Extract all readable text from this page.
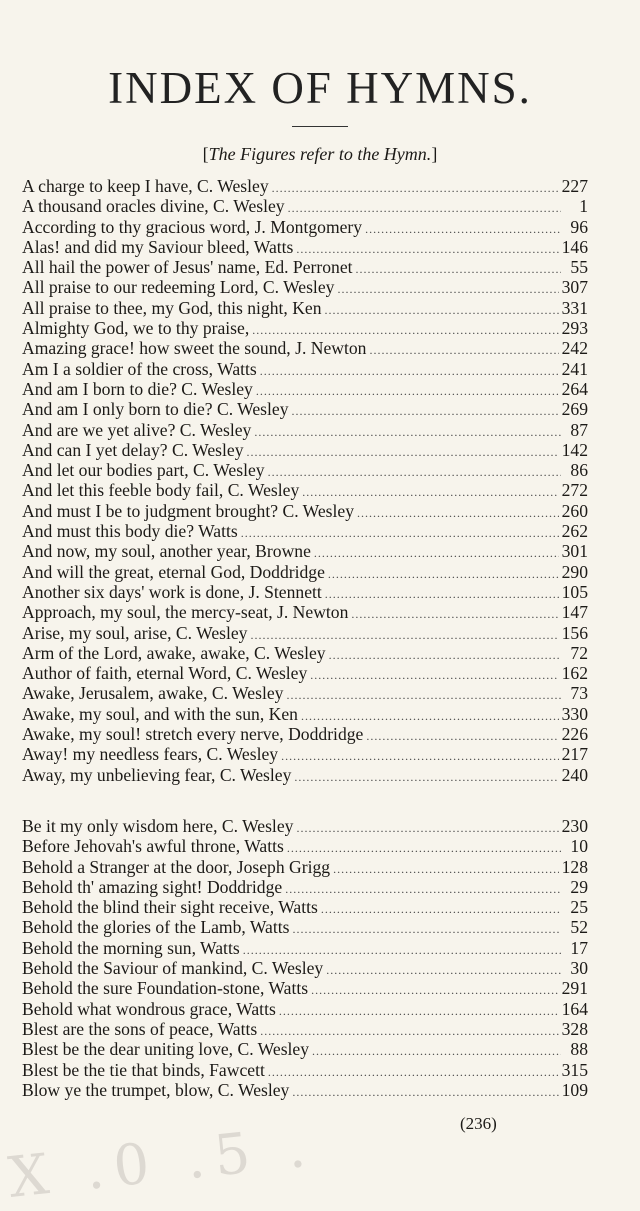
INDEX OF HYMNS.
[The Figures refer to the Hymn.]
A charge to keep I have, C. Wesley .....	227
A thousand oracles divine, C. Wesley .....	1
According to thy gracious word, J. Montgomery .....	96
Alas! and did my Saviour bleed, Watts .....	146
All hail the power of Jesus' name, Ed. Perronet .....	55
All praise to our redeeming Lord, C. Wesley .....	307
All praise to thee, my God, this night, Ken .....	331
Almighty God, we to thy praise, .....	293
Amazing grace! how sweet the sound, J. Newton .....	242
Am I a soldier of the cross, Watts .....	241
And am I born to die? C. Wesley .....	264
And am I only born to die? C. Wesley .....	269
And are we yet alive? C. Wesley .....	87
And can I yet delay? C. Wesley .....	142
And let our bodies part, C. Wesley .....	86
And let this feeble body fail, C. Wesley .....	272
And must I be to judgment brought? C. Wesley .....	260
And must this body die? Watts .....	262
And now, my soul, another year, Browne .....	301
And will the great, eternal God, Doddridge .....	290
Another six days' work is done, J. Stennett .....	105
Approach, my soul, the mercy-seat, J. Newton .....	147
Arise, my soul, arise, C. Wesley .....	156
Arm of the Lord, awake, awake, C. Wesley .....	72
Author of faith, eternal Word, C. Wesley .....	162
Awake, Jerusalem, awake, C. Wesley .....	73
Awake, my soul, and with the sun, Ken .....	330
Awake, my soul! stretch every nerve, Doddridge .....	226
Away! my needless fears, C. Wesley .....	217
Away, my unbelieving fear, C. Wesley .....	240
Be it my only wisdom here, C. Wesley .....	230
Before Jehovah's awful throne, Watts .....	10
Behold a Stranger at the door, Joseph Grigg .....	128
Behold th' amazing sight! Doddridge .....	29
Behold the blind their sight receive, Watts .....	25
Behold the glories of the Lamb, Watts .....	52
Behold the morning sun, Watts .....	17
Behold the Saviour of mankind, C. Wesley .....	30
Behold the sure Foundation-stone, Watts .....	291
Behold what wondrous grace, Watts .....	164
Blest are the sons of peace, Watts .....	328
Blest be the dear uniting love, C. Wesley .....	88
Blest be the tie that binds, Fawcett .....	315
Blow ye the trumpet, blow, C. Wesley .....	109
(236)
X .0 .5 .
